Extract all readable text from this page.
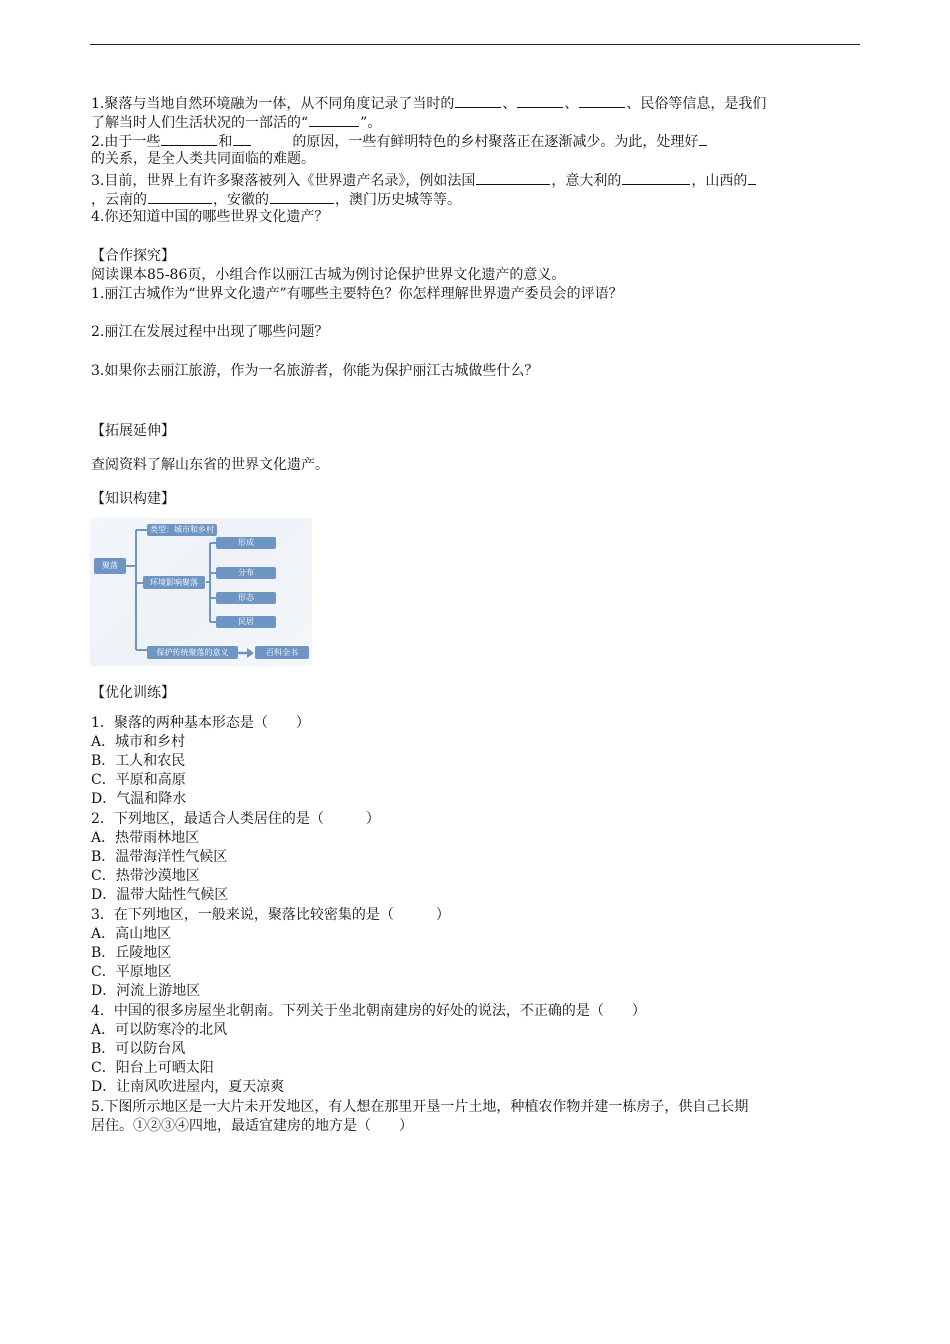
1.聚落与当地自然环境融为一体，从不同角度记录了当时的	、	、	、民俗等信息，是我们
了解当时人们生活状况的一部活的“	”。
2.由于一些	和	的原因，一些有鲜明特色的乡村聚落正在逐渐减少。为此，处理好
的关系，是全人类共同面临的难题。
3.目前，世界上有许多聚落被列入《世界遗产名录》，例如法国	，意大利的	，山西的
，云南的	，安徽的	，澳门历史城等等。
4.你还知道中国的哪些世界文化遗产？
【合作探究】
阅读课本85-86页，小组合作以丽江古城为例讨论保护世界文化遗产的意义。
1.丽江古城作为“世界文化遗产”有哪些主要特色？你怎样理解世界遗产委员会的评语？
2.丽江在发展过程中出现了哪些问题？
3.如果你去丽江旅游，作为一名旅游者，你能为保护丽江古城做些什么？
【拓展延伸】
查阅资料了解山东省的世界文化遗产。
【知识构建】
聚落
类型：城市和乡村
环境影响聚落
形成
分布
形态
民居
保护传统聚落的意义	百科全书
【优化训练】
1．聚落的两种基本形态是（　　）
A．城市和乡村
B．工人和农民
C．平原和高原
D．气温和降水
2．下列地区，最适合人类居住的是（　　　）
A．热带雨林地区
B．温带海洋性气候区
C．热带沙漠地区
D．温带大陆性气候区
3．在下列地区，一般来说，聚落比较密集的是（　　　）
A．高山地区
B．丘陵地区
C．平原地区
D．河流上游地区
4．中国的很多房屋坐北朝南。下列关于坐北朝南建房的好处的说法，不正确的是（　　）
A．可以防寒冷的北风
B．可以防台风
C．阳台上可晒太阳
D．让南风吹进屋内，夏天凉爽
5.下图所示地区是一大片未开发地区，有人想在那里开垦一片土地，种植农作物并建一栋房子，供自己长期
居住。①②③④四地，最适宜建房的地方是（　　）
